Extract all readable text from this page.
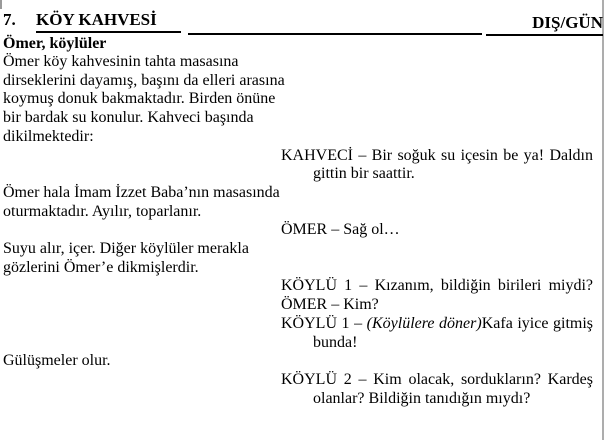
7.	KÖY KAHVESİ	DIŞ/GÜN
Ömer, köylüler
Ömer köy kahvesinin tahta masasına
dirseklerini dayamış, başını da elleri arasına
koymuş donuk bakmaktadır. Birden önüne
bir bardak su konulur. Kahveci başında
dikilmektedir:
KAHVECİ – Bir soğuk su içesin be ya! Daldın
gittin bir saattir.
Ömer hala İmam İzzet Baba’nın masasında
oturmaktadır. Ayılır, toparlanır.
ÖMER – Sağ ol…
Suyu alır, içer. Diğer köylüler merakla
gözlerini Ömer’e dikmişlerdir.
KÖYLÜ 1 – Kızanım, bildiğin birileri miydi?
ÖMER – Kim?
KÖYLÜ 1 – (Köylülere döner)Kafa iyice gitmiş
bunda!
Gülüşmeler olur.
KÖYLÜ 2 – Kim olacak, sordukların? Kardeş
olanlar? Bildiğin tanıdığın mıydı?
